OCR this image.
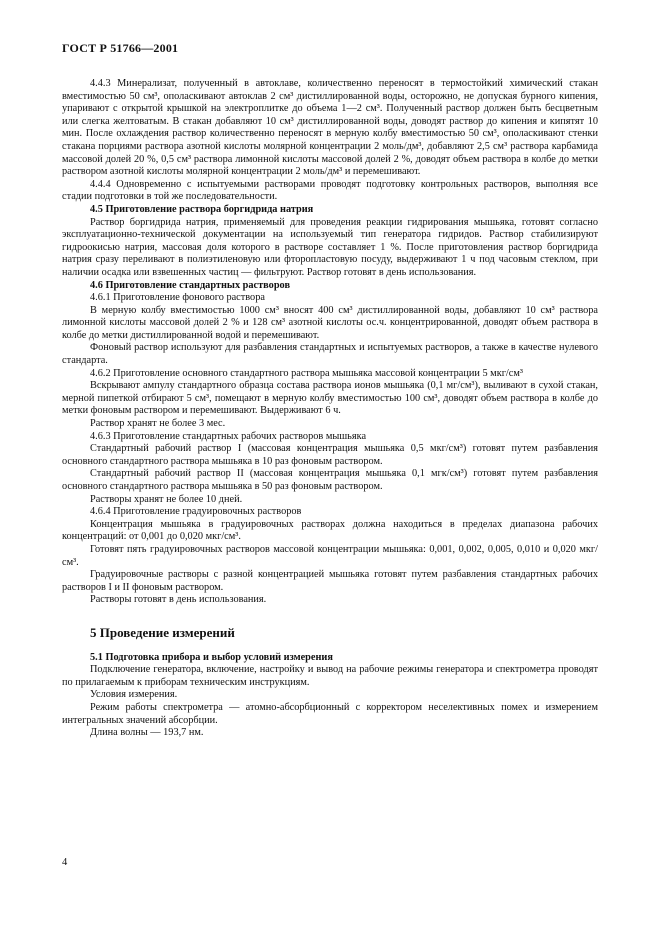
ГОСТ Р 51766—2001

4.4.3 Минерализат, полученный в автоклаве, количественно переносят в термостойкий химический стакан вместимостью 50 см³, ополаскивают автоклав 2 см³ дистиллированной воды, осторожно, не допуская бурного кипения, упаривают с открытой крышкой на электроплитке до объема 1—2 см³. Полученный раствор должен быть бесцветным или слегка желтоватым. В стакан добавляют 10 см³ дистиллированной воды, доводят раствор до кипения и кипятят 10 мин. После охлаждения раствор количественно переносят в мерную колбу вместимостью 50 см³, ополаскивают стенки стакана порциями раствора азотной кислоты молярной концентрации 2 моль/дм³, добавляют 2,5 см³ раствора карбамида массовой долей 20 %, 0,5 см³ раствора лимонной кислоты массовой долей 2 %, доводят объем раствора в колбе до метки раствором азотной кислоты молярной концентрации 2 моль/дм³ и перемешивают.

4.4.4 Одновременно с испытуемыми растворами проводят подготовку контрольных растворов, выполняя все стадии подготовки в той же последовательности.

4.5 Приготовление раствора боргидрида натрия

Раствор боргидрида натрия, применяемый для проведения реакции гидрирования мышьяка, готовят согласно эксплуатационно-технической документации на используемый тип генератора гидридов. Раствор стабилизируют гидроокисью натрия, массовая доля которого в растворе составляет 1 %. После приготовления раствор боргидрида натрия сразу переливают в полиэтиленовую или фторопластовую посуду, выдерживают 1 ч под часовым стеклом, при наличии осадка или взвешенных частиц — фильтруют. Раствор готовят в день использования.

4.6 Приготовление стандартных растворов

4.6.1 Приготовление фонового раствора

В мерную колбу вместимостью 1000 см³ вносят 400 см³ дистиллированной воды, добавляют 10 см³ раствора лимонной кислоты массовой долей 2 % и 128 см³ азотной кислоты ос.ч. концентрированной, доводят объем раствора в колбе до метки дистиллированной водой и перемешивают.

Фоновый раствор используют для разбавления стандартных и испытуемых растворов, а также в качестве нулевого стандарта.

4.6.2 Приготовление основного стандартного раствора мышьяка массовой концентрации 5 мкг/см³

Вскрывают ампулу стандартного образца состава раствора ионов мышьяка (0,1 мг/см³), выливают в сухой стакан, мерной пипеткой отбирают 5 см³, помещают в мерную колбу вместимостью 100 см³, доводят объем раствора в колбе до метки фоновым раствором и перемешивают. Выдерживают 6 ч.

Раствор хранят не более 3 мес.

4.6.3 Приготовление стандартных рабочих растворов мышьяка

Стандартный рабочий раствор I (массовая концентрация мышьяка 0,5 мкг/см³) готовят путем разбавления основного стандартного раствора мышьяка в 10 раз фоновым раствором.

Стандартный рабочий раствор II (массовая концентрация мышьяка 0,1 мгк/см³) готовят путем разбавления основного стандартного раствора мышьяка в 50 раз фоновым раствором.

Растворы хранят не более 10 дней.

4.6.4 Приготовление градуировочных растворов

Концентрация мышьяка в градуировочных растворах должна находиться в пределах диапазона рабочих концентраций: от 0,001 до 0,020 мкг/см³.

Готовят пять градуировочных растворов массовой концентрации мышьяка: 0,001, 0,002, 0,005, 0,010 и 0,020 мкг/см³.

Градуировочные растворы с разной концентрацией мышьяка готовят путем разбавления стандартных рабочих растворов I и II фоновым раствором.

Растворы готовят в день использования.

5 Проведение измерений
5.1 Подготовка прибора и выбор условий измерения

Подключение генератора, включение, настройку и вывод на рабочие режимы генератора и спектрометра проводят по прилагаемым к приборам техническим инструкциям.

Условия измерения.

Режим работы спектрометра — атомно-абсорбционный с корректором неселективных помех и измерением интегральных значений абсорбции.

Длина волны — 193,7 нм.

4
